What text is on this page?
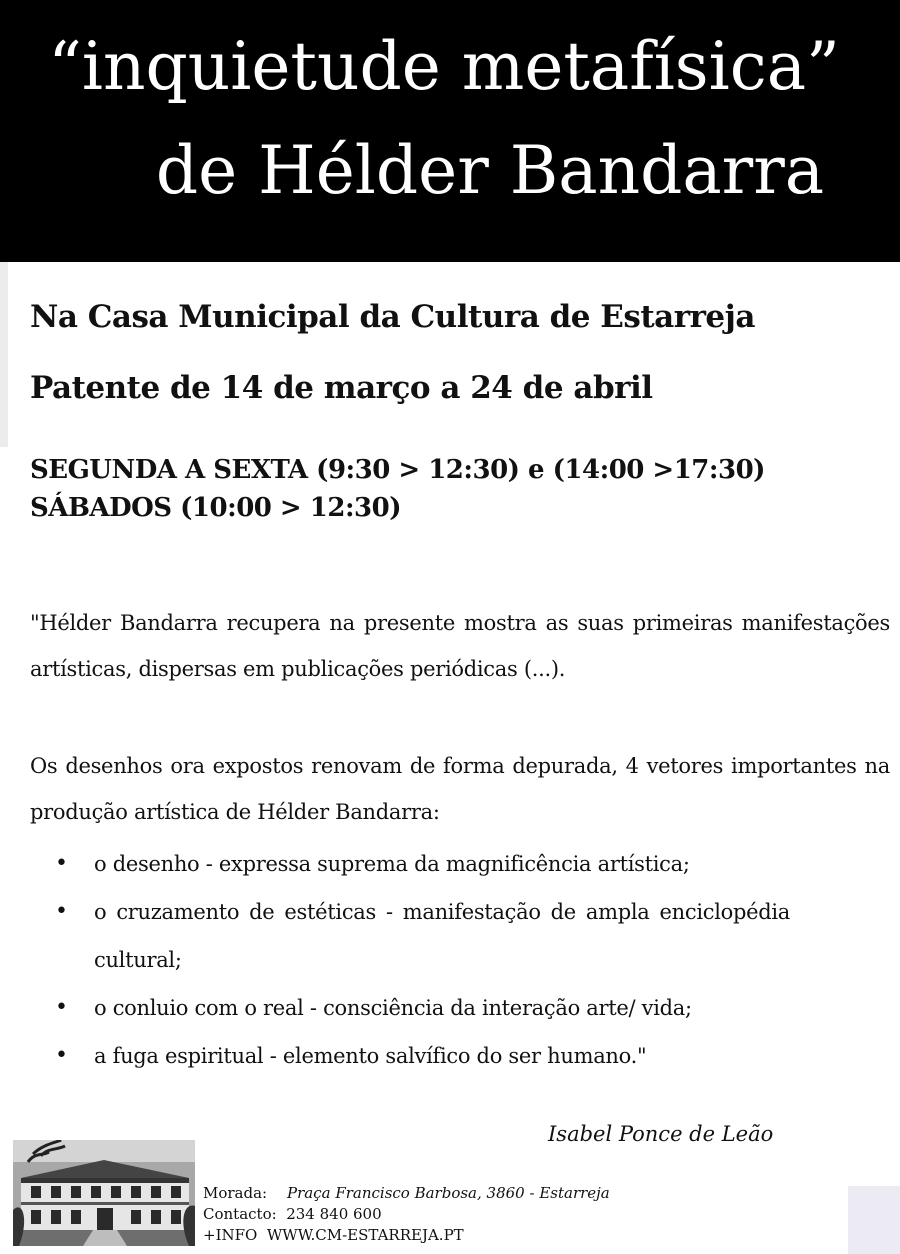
“inquietude metafísica”
de Hélder Bandarra
Na Casa Municipal da Cultura de Estarreja
Patente de 14 de março a 24 de abril
SEGUNDA A SEXTA (9:30 > 12:30) e (14:00 >17:30)
SÁBADOS (10:00 > 12:30)
"Hélder Bandarra recupera na presente mostra as suas primeiras manifestações artísticas, dispersas em publicações periódicas (...).
Os desenhos ora expostos renovam de forma depurada, 4 vetores importantes na produção artística de Hélder Bandarra:
• o desenho - expressa suprema da magnificência artística;
• o cruzamento de estéticas - manifestação de ampla enciclopédia cultural;
• o conluio com o real - consciência da interação arte/ vida;
• a fuga espiritual - elemento salvífico do ser humano."
Isabel Ponce de Leão
Morada: Praça Francisco Barbosa, 3860 - Estarreja
Contacto: 234 840 600
+INFO WWW.CM-ESTARREJA.PT
